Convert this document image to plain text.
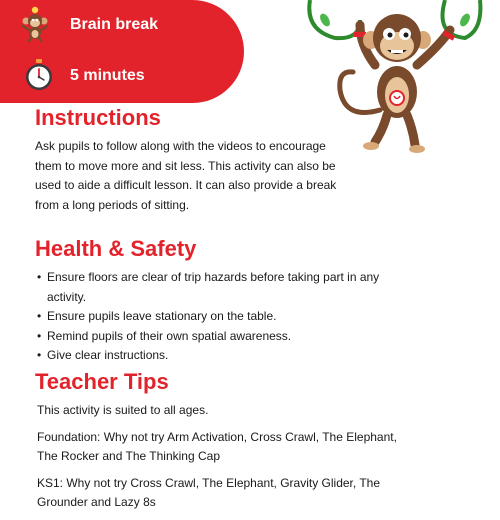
Brain break
5 minutes
Instructions

Ask pupils to follow along with the videos to encourage them to move more and sit less. This activity can also be used to aide a difficult lesson. It can also provide a break from a long periods of sitting.

Health & Safety
• Ensure floors are clear of trip hazards before taking part in any activity.
• Ensure pupils leave stationary on the table.
• Remind pupils of their own spatial awareness.
• Give clear instructions.
Teacher Tips

This activity is suited to all ages.

Foundation: Why not try Arm Activation, Cross Crawl, The Elephant, The Rocker and The Thinking Cap

KS1: Why not try Cross Crawl, The Elephant, Gravity Glider, The Grounder and Lazy 8s
